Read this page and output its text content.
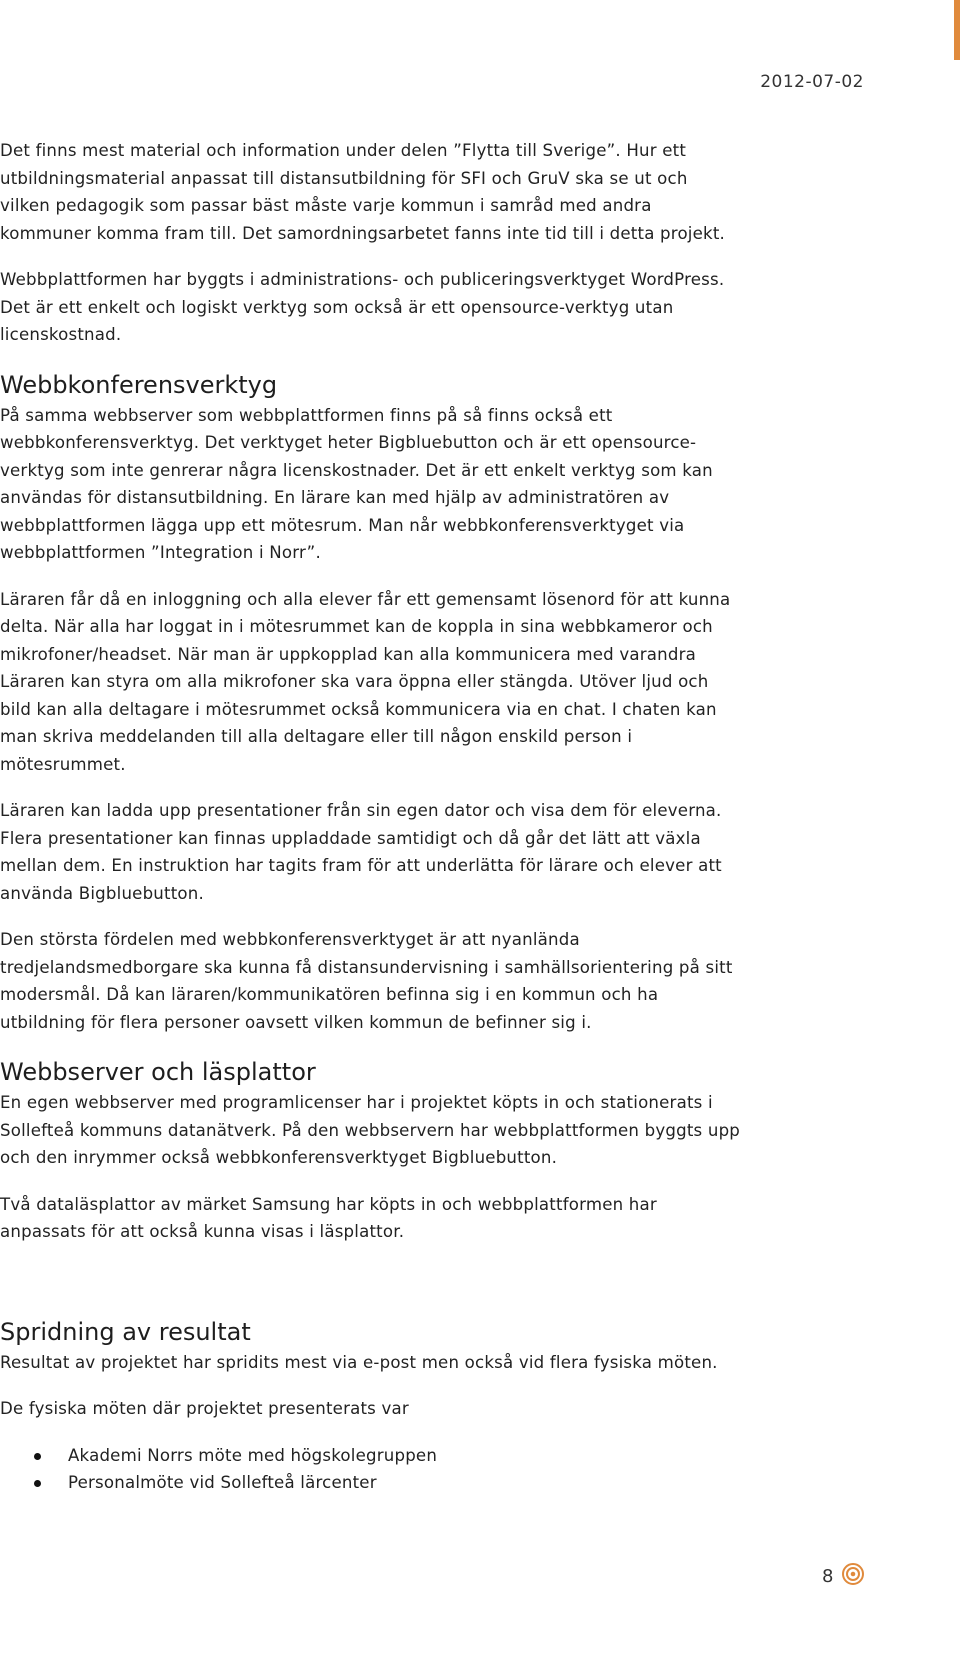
2012-07-02

Det finns mest material och information under delen ”Flytta till Sverige”. Hur ett
utbildningsmaterial anpassat till distansutbildning för SFI och GruV ska se ut och
vilken pedagogik som passar bäst måste varje kommun i samråd med andra
kommuner komma fram till. Det samordningsarbetet fanns inte tid till i detta projekt.

Webbplattformen har byggts i administrations- och publiceringsverktyget WordPress.
Det är ett enkelt och logiskt verktyg som också är ett opensource-verktyg utan
licenskostnad.

Webbkonferensverktyg

På samma webbserver som webbplattformen finns på så finns också ett
webbkonferensverktyg. Det verktyget heter Bigbluebutton och är ett opensource-
verktyg som inte genrerar några licenskostnader. Det är ett enkelt verktyg som kan
användas för distansutbildning. En lärare kan med hjälp av administratören av
webbplattformen lägga upp ett mötesrum. Man når webbkonferensverktyget via
webbplattformen ”Integration i Norr”.

Läraren får då en inloggning och alla elever får ett gemensamt lösenord för att kunna
delta. När alla har loggat in i mötesrummet kan de koppla in sina webbkameror och
mikrofoner/headset. När man är uppkopplad kan alla kommunicera med varandra
Läraren kan styra om alla mikrofoner ska vara öppna eller stängda. Utöver ljud och
bild kan alla deltagare i mötesrummet också kommunicera via en chat. I chaten kan
man skriva meddelanden till alla deltagare eller till någon enskild person i
mötesrummet.

Läraren kan ladda upp presentationer från sin egen dator och visa dem för eleverna.
Flera presentationer kan finnas uppladdade samtidigt och då går det lätt att växla
mellan dem. En instruktion har tagits fram för att underlätta för lärare och elever att
använda Bigbluebutton.

Den största fördelen med webbkonferensverktyget är att nyanlända
tredjelandsmedborgare ska kunna få distansundervisning i samhällsorientering på sitt
modersmål. Då kan läraren/kommunikatören befinna sig i en kommun och ha
utbildning för flera personer oavsett vilken kommun de befinner sig i.

Webbserver och läsplattor

En egen webbserver med programlicenser har i projektet köpts in och stationerats i
Sollefteå kommuns datanätverk. På den webbservern har webbplattformen byggts upp
och den inrymmer också webbkonferensverktyget Bigbluebutton.

Två dataläsplattor av märket Samsung har köpts in och webbplattformen har
anpassats för att också kunna visas i läsplattor.

Spridning av resultat

Resultat av projektet har spridits mest via e-post men också vid flera fysiska möten.

De fysiska möten där projektet presenterats var

Akademi Norrs möte med högskolegruppen
Personalmöte vid Sollefteå lärcenter
8
